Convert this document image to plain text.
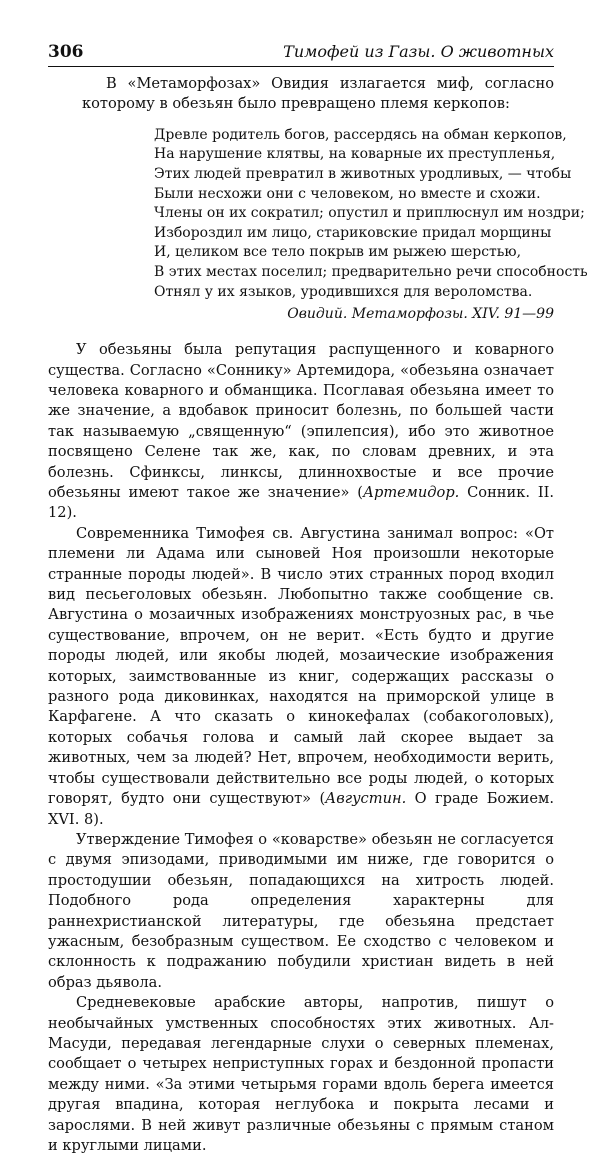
306	Тимофей из Газы. О животных

В «Метаморфозах» Овидия излагается миф, согласно которому в обезьян было превращено племя керкопов:

Древле родитель богов, рассердясь на обман керкопов,
На нарушение клятвы, на коварные их преступленья,
Этих людей превратил в животных уродливых, — чтобы
Были несхожи они с человеком, но вместе и схожи.
Члены он их сократил; опустил и приплюснул им ноздри;
Избороздил им лицо, стариковские придал морщины
И, целиком все тело покрыв им рыжею шерстью,
В этих местах поселил; предварительно речи способность
Отнял у их языков, уродившихся для вероломства.
Овидий. Метаморфозы. XIV. 91—99

У обезьяны была репутация распущенного и коварного существа. Согласно «Соннику» Артемидора, «обезьяна означает человека коварного и обманщика. Псоглавая обезьяна имеет то же значение, а вдобавок приносит болезнь, по большей части так называемую „священную“ (эпилепсия), ибо это животное посвящено Селене так же, как, по словам древних, и эта болезнь. Сфинксы, линксы, длиннохвостые и все прочие обезьяны имеют такое же значение» (Артемидор. Сонник. II. 12).

Современника Тимофея св. Августина занимал вопрос: «От племени ли Адама или сыновей Ноя произошли некоторые странные породы людей». В число этих странных пород входил вид песьеголовых обезьян. Любопытно также сообщение св. Августина о мозаичных изображениях монструозных рас, в чье существование, впрочем, он не верит. «Есть будто и другие породы людей, или якобы людей, мозаические изображения которых, заимствованные из книг, содержащих рассказы о разного рода диковинках, находятся на приморской улице в Карфагене. А что сказать о кинокефалах (собакоголовых), которых собачья голова и самый лай скорее выдает за животных, чем за людей? Нет, впрочем, необходимости верить, чтобы существовали действительно все роды людей, о которых говорят, будто они существуют» (Августин. О граде Божием. XVI. 8).

Утверждение Тимофея о «коварстве» обезьян не согласуется с двумя эпизодами, приводимыми им ниже, где говорится о простодушии обезьян, попадающихся на хитрость людей. Подобного рода определения характерны для раннехристианской литературы, где обезьяна предстает ужасным, безобразным существом. Ее сходство с человеком и склонность к подражанию побудили христиан видеть в ней образ дьявола.

Средневековые арабские авторы, напротив, пишут о необычайных умственных способностях этих животных. Ал-Масуди, передавая легендарные слухи о северных племенах, сообщает о четырех неприступных горах и бездонной пропасти между ними. «За этими четырьмя горами вдоль берега имеется другая впадина, которая неглубока и покрыта лесами и зарослями. В ней живут различные обезьяны с прямым станом и круглыми лицами.
